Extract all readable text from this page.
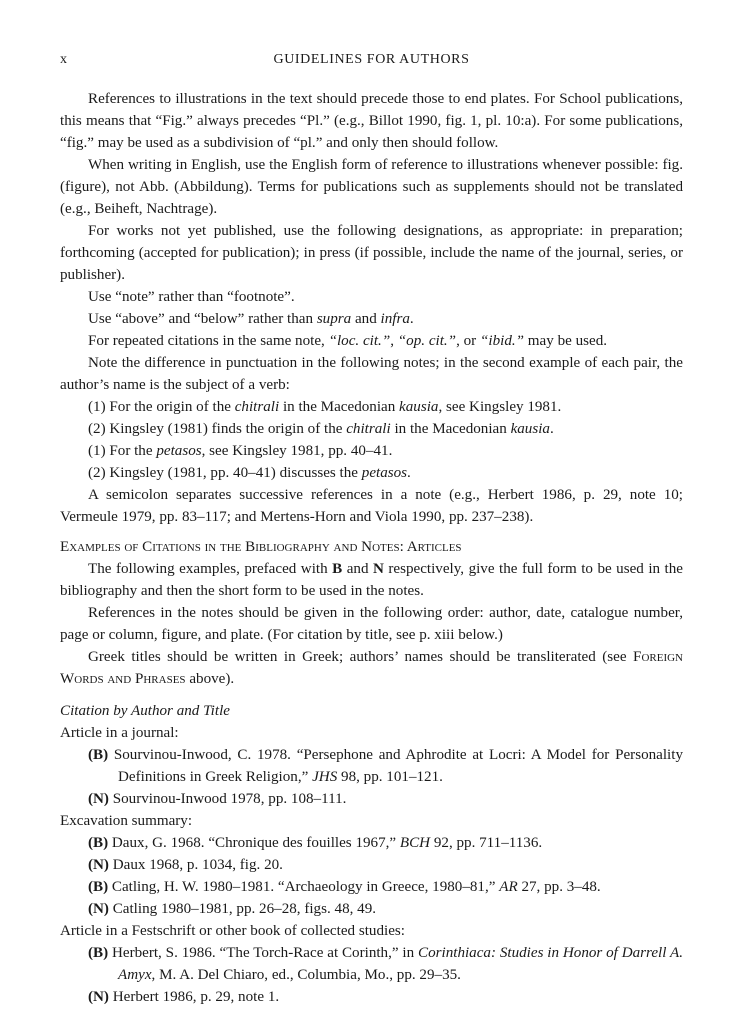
x	GUIDELINES FOR AUTHORS

References to illustrations in the text should precede those to end plates. For School publications, this means that “Fig.” always precedes “Pl.” (e.g., Billot 1990, fig. 1, pl. 10:a). For some publications, “fig.” may be used as a subdivision of “pl.” and only then should follow.

When writing in English, use the English form of reference to illustrations whenever possible: fig. (figure), not Abb. (Abbildung). Terms for publications such as supplements should not be translated (e.g., Beiheft, Nachtrage).

For works not yet published, use the following designations, as appropriate: in preparation; forthcoming (accepted for publication); in press (if possible, include the name of the journal, series, or publisher).

Use “note” rather than “footnote”.

Use “above” and “below” rather than supra and infra.

For repeated citations in the same note, “loc. cit.”, “op. cit.”, or “ibid.” may be used.

Note the difference in punctuation in the following notes; in the second example of each pair, the author’s name is the subject of a verb:

(1) For the origin of the chitrali in the Macedonian kausia, see Kingsley 1981.

(2) Kingsley (1981) finds the origin of the chitrali in the Macedonian kausia.

(1) For the petasos, see Kingsley 1981, pp. 40–41.

(2) Kingsley (1981, pp. 40–41) discusses the petasos.

A semicolon separates successive references in a note (e.g., Herbert 1986, p. 29, note 10; Vermeule 1979, pp. 83–117; and Mertens-Horn and Viola 1990, pp. 237–238).

Examples of Citations in the Bibliography and Notes: Articles

The following examples, prefaced with B and N respectively, give the full form to be used in the bibliography and then the short form to be used in the notes.

References in the notes should be given in the following order: author, date, catalogue number, page or column, figure, and plate. (For citation by title, see p. xiii below.)

Greek titles should be written in Greek; authors’ names should be transliterated (see Foreign Words and Phrases above).

Citation by Author and Title

Article in a journal:

(B) Sourvinou-Inwood, C. 1978. “Persephone and Aphrodite at Locri: A Model for Personality Definitions in Greek Religion,” JHS 98, pp. 101–121.

(N) Sourvinou-Inwood 1978, pp. 108–111.

Excavation summary:

(B) Daux, G. 1968. “Chronique des fouilles 1967,” BCH 92, pp. 711–1136.

(N) Daux 1968, p. 1034, fig. 20.

(B) Catling, H. W. 1980–1981. “Archaeology in Greece, 1980–81,” AR 27, pp. 3–48.

(N) Catling 1980–1981, pp. 26–28, figs. 48, 49.

Article in a Festschrift or other book of collected studies:

(B) Herbert, S. 1986. “The Torch-Race at Corinth,” in Corinthiaca: Studies in Honor of Darrell A. Amyx, M. A. Del Chiaro, ed., Columbia, Mo., pp. 29–35.

(N) Herbert 1986, p. 29, note 1.
